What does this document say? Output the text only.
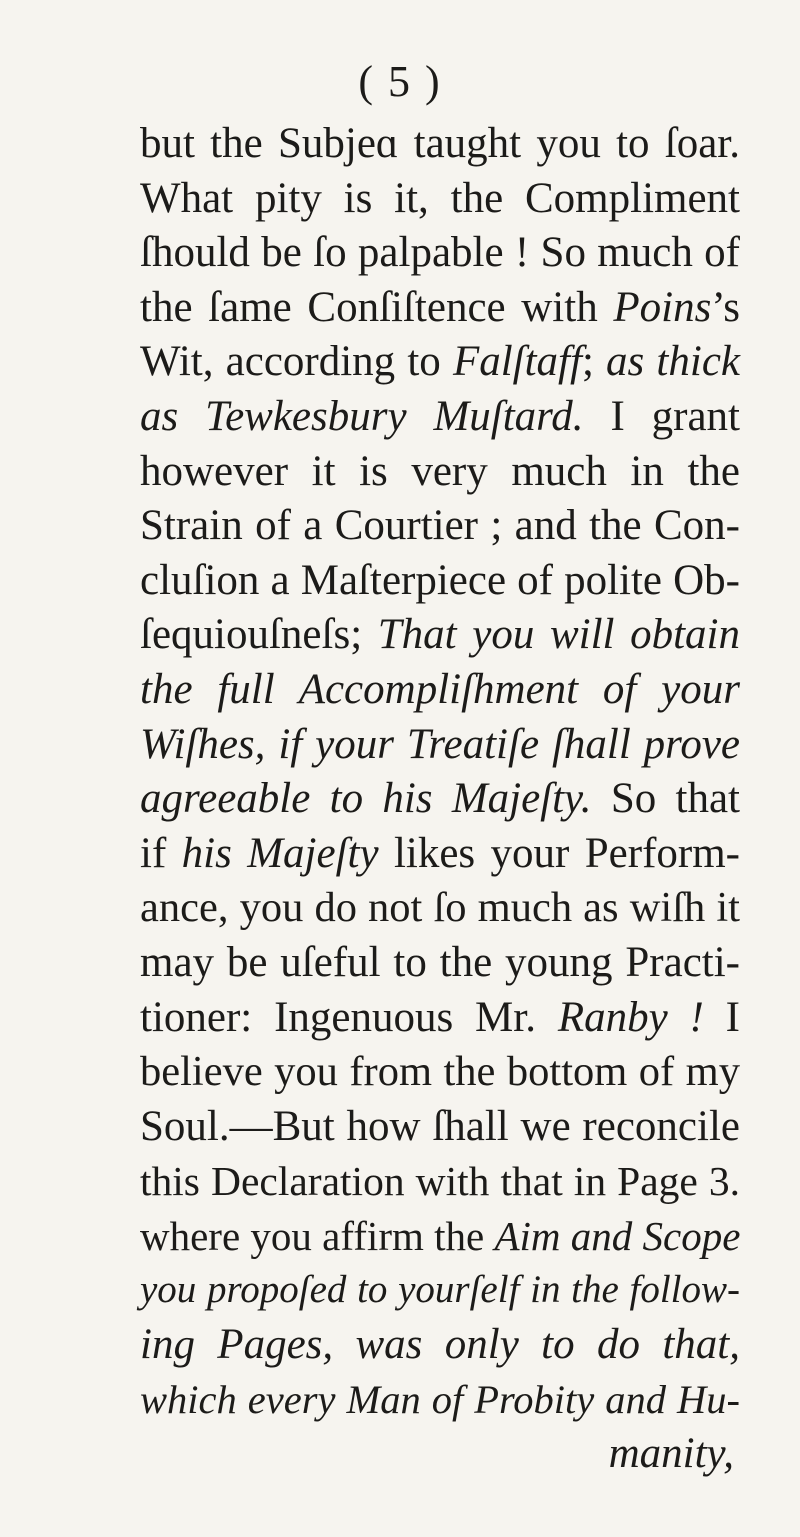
( 5 )
but the Subjeɑ taught you to ſoar.
What pity is it, the Compliment
ſhould be ſo palpable ! So much of
the ſame Conſiſtence with Poins’s
Wit, according to Falſtaff; as thick
as Tewkesbury Muſtard. I grant
however it is very much in the
Strain of a Courtier ; and the Con-
cluſion a Maſterpiece of polite Ob-
ſequiouſneſs; That you will obtain
the full Accompliſhment of your
Wiſhes, if your Treatiſe ſhall prove
agreeable to his Majeſty. So that
if his Majeſty likes your Perform-
ance, you do not ſo much as wiſh it
may be uſeful to the young Practi-
tioner: Ingenuous Mr. Ranby ! I
believe you from the bottom of my
Soul.—But how ſhall we reconcile
this Declaration with that in Page 3.
where you affirm the Aim and Scope
you propoſed to yourſelf in the follow-
ing Pages, was only to do that,
which every Man of Probity and Hu-
manity,
